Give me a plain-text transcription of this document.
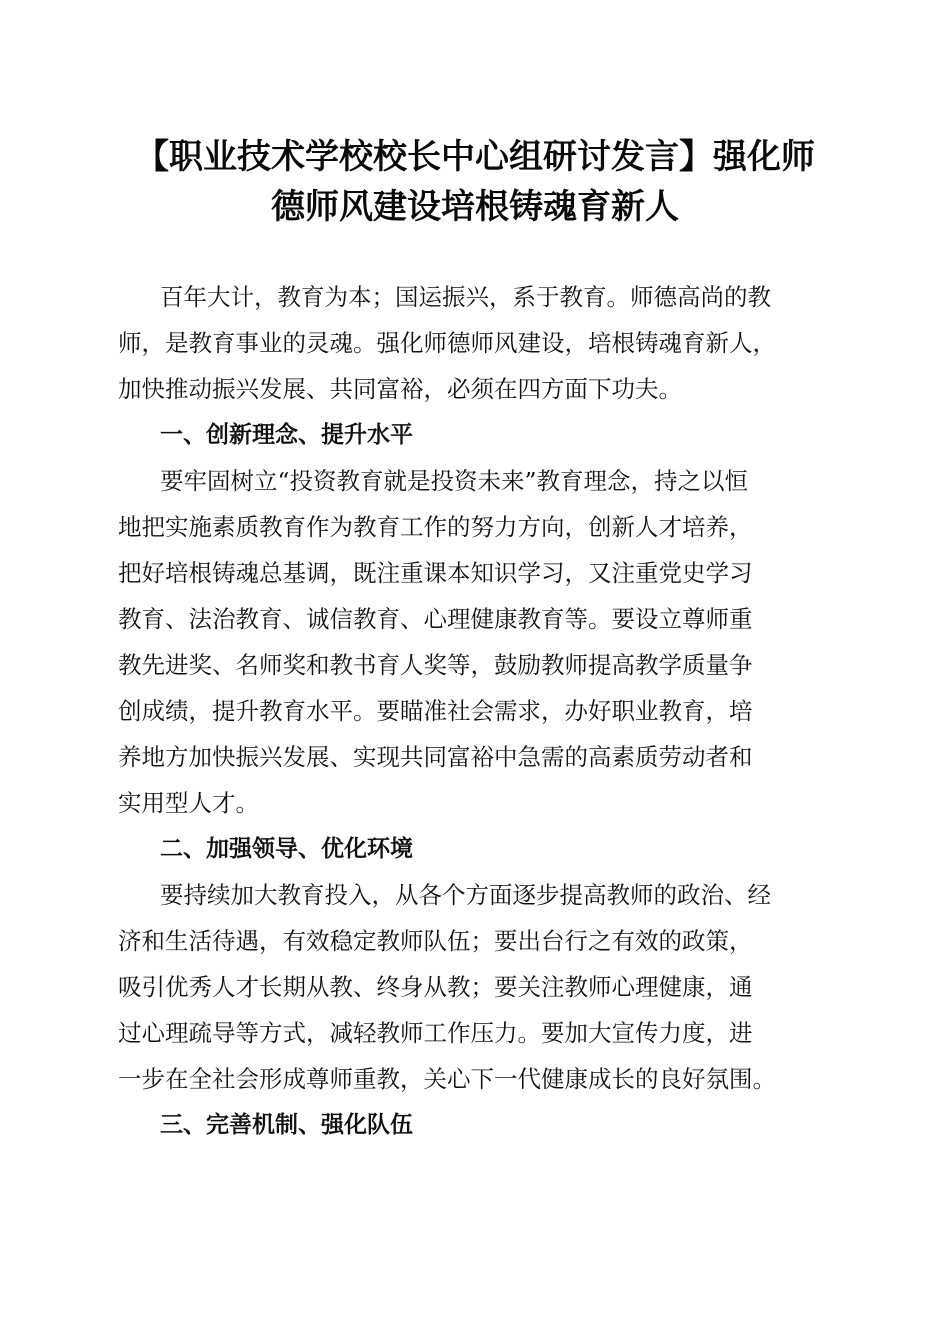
【职业技术学校校长中心组研讨发言】强化师
德师风建设培根铸魂育新人

百年大计，教育为本；国运振兴，系于教育。师德高尚的教
师，是教育事业的灵魂。强化师德师风建设，培根铸魂育新人，
加快推动振兴发展、共同富裕，必须在四方面下功夫。

一、创新理念、提升水平

要牢固树立“投资教育就是投资未来”教育理念，持之以恒
地把实施素质教育作为教育工作的努力方向，创新人才培养，
把好培根铸魂总基调，既注重课本知识学习，又注重党史学习
教育、法治教育、诚信教育、心理健康教育等。要设立尊师重
教先进奖、名师奖和教书育人奖等，鼓励教师提高教学质量争
创成绩，提升教育水平。要瞄准社会需求，办好职业教育，培
养地方加快振兴发展、实现共同富裕中急需的高素质劳动者和
实用型人才。

二、加强领导、优化环境

要持续加大教育投入，从各个方面逐步提高教师的政治、经
济和生活待遇，有效稳定教师队伍；要出台行之有效的政策，
吸引优秀人才长期从教、终身从教；要关注教师心理健康，通
过心理疏导等方式，减轻教师工作压力。要加大宣传力度，进
一步在全社会形成尊师重教，关心下一代健康成长的良好氛围。

三、完善机制、强化队伍
